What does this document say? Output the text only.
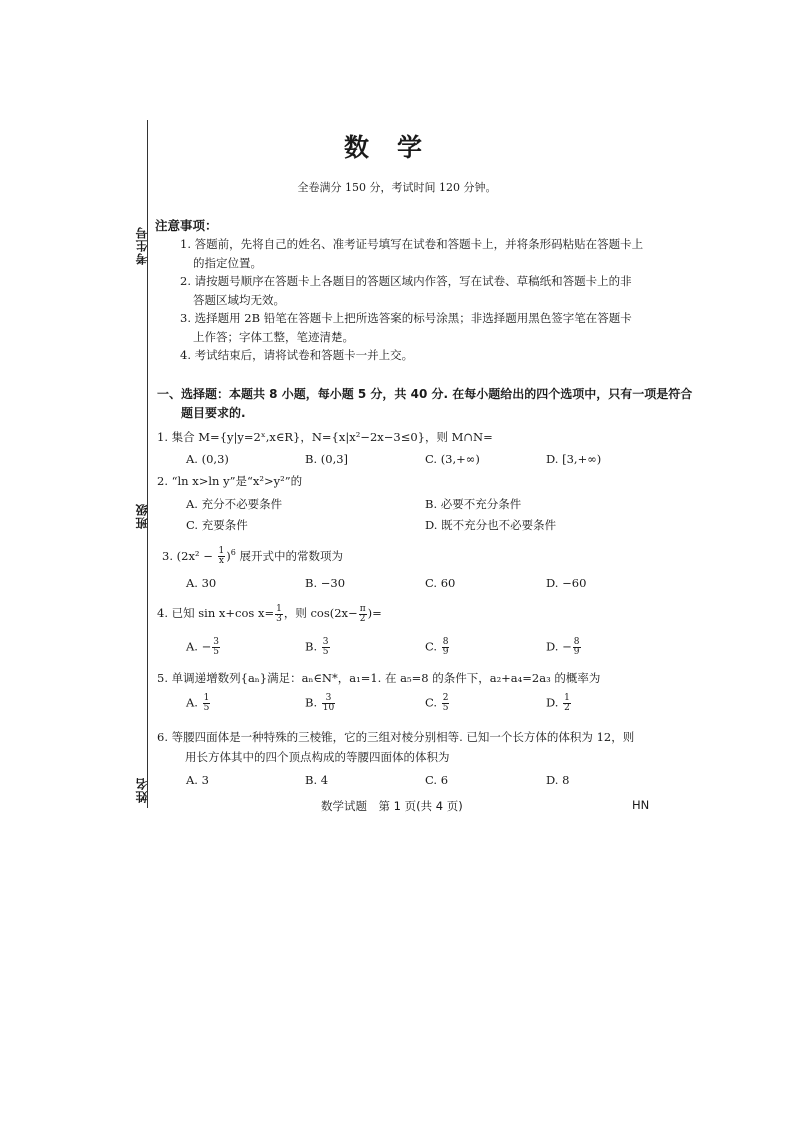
考生号
班级
姓名
数学
全卷满分 150 分，考试时间 120 分钟。
注意事项：
1. 答题前，先将自己的姓名、准考证号填写在试卷和答题卡上，并将条形码粘贴在答题卡上
的指定位置。
2. 请按题号顺序在答题卡上各题目的答题区域内作答，写在试卷、草稿纸和答题卡上的非
答题区域均无效。
3. 选择题用 2B 铅笔在答题卡上把所选答案的标号涂黑；非选择题用黑色签字笔在答题卡
上作答；字体工整，笔迹清楚。
4. 考试结束后，请将试卷和答题卡一并上交。
一、选择题：本题共 8 小题，每小题 5 分，共 40 分. 在每小题给出的四个选项中，只有一项是符合
题目要求的.
1. 集合 M={y|y=2ˣ,x∈R}，N={x|x²−2x−3≤0}，则 M∩N=
A. (0,3)	B. (0,3]	C. (3,+∞)	D. [3,+∞)
2. “ln x>ln y”是“x²>y²”的
A. 充分不必要条件	B. 必要不充分条件
C. 充要条件	D. 既不充分也不必要条件
3. $(2x^2 - \frac{1}{x} )^6$ 展开式中的常数项为
A. 30	B. −30	C. 60	D. −60
4. 已知 sin x+cos $x= \frac{1}{3}$ ，则 $\cos(2x- \frac{\pi}{2}$ )=
A. − $\frac{3}{5}$	B. $\frac{3}{5}$	C. $\frac{8}{9}$	D. − $\frac{8}{9}$
5. 单调递增数列{aₙ}满足：aₙ∈N*，a₁=1. 在 a₅=8 的条件下，a₂+a₄=2a₃ 的概率为
A. $\frac{1}{5}$	B. $\frac{3}{10}$	C. $\frac{2}{5}$	D. $\frac{1}{2}$
6. 等腰四面体是一种特殊的三棱锥，它的三组对棱分别相等. 已知一个长方体的体积为 12，则
用长方体其中的四个顶点构成的等腰四面体的体积为
A. 3	B. 4	C. 6	D. 8
数学试题　第 1 页(共 4 页)	HN
